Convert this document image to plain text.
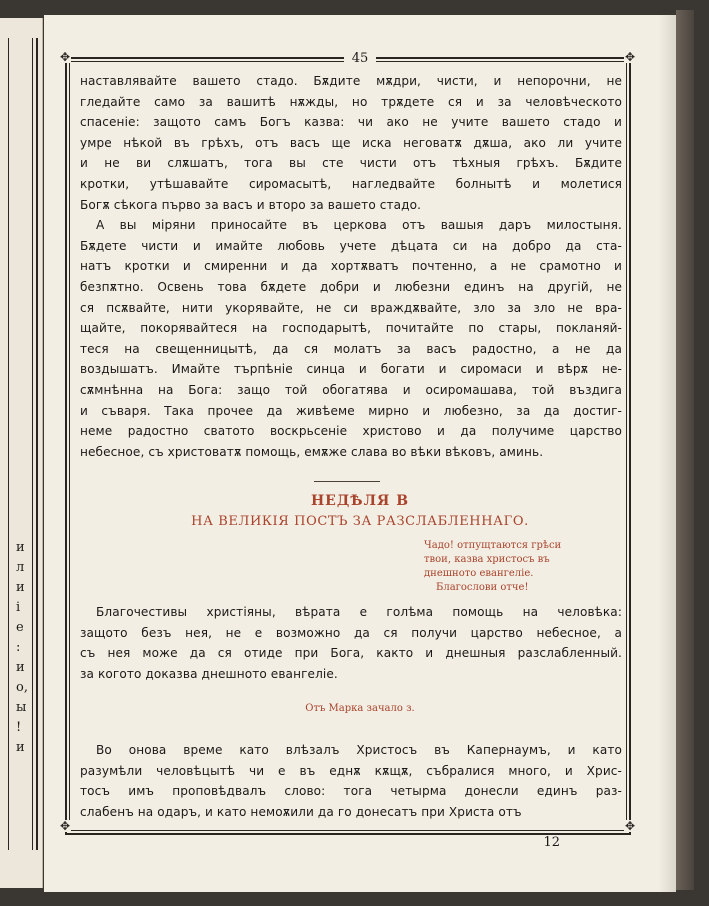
и
л
и
і
е
:
и
о,
ы
!
и
✥	✥
✥	✥
45
наставлявайте вашето стадо. Бѫдите мѫдри, чисти, и непорочни, не
гледайте само за вашитѣ нѫжды, но трѫдете ся и за человѣческото
спасеніе: защото самъ Богъ казва: чи ако не учите вашето стадо и
умре нѣкой въ грѣхъ, отъ васъ ще иска неговатѫ дѫша, ако ли учите
и не ви слѫшатъ, тога вы сте чисти отъ тѣхныя грѣхъ. Бѫдите
кротки, утѣшавайте сиромасытѣ, нагледвайте болнытѣ и молетися
Богѫ сѣкога първо за васъ и второ за вашето стадо.
А вы мiряни приносайте въ церкова отъ вашыя даръ милостыня.
Бѫдете чисти и имайте любовь учете дѣцата си на добро да ста-
натъ кротки и смиренни и да хортѫватъ почтенно, а не срамотно и
безпѫтно. Освень това бѫдете добри и любезни единъ на другій, не
ся псѫвайте, нити укорявайте, не си враждѫвайте, зло за зло не вра-
щайте, покорявайтеся на господарытѣ, почитайте по стары, покланяй-
теся на свещенницытѣ, да ся молатъ за васъ радостно, а не да
воздышатъ. Имайте търпѣніе синца и богати и сиромаси и вѣрѫ не-
сѫмнѣнна на Бога: защо той обогатява и осиромашава, той въздига
и съваря. Така прочее да живѣеме мирно и любезно, за да достиг-
неме радостно сватото воскрьсеніе христово и да получиме царство
небесное, съ христоватѫ помощь, емѫже слава во вѣки вѣковъ, аминь.
НЕДѢЛЯ В
НА ВЕЛИКІЯ ПОСТЪ ЗА РАЗСЛАБЛЕННАГО.
Чадо! отпущтаются грѣси
твои, казва христосъ въ
днешното евангеліе.
Благослови отче!
Благочестивы христiяны, вѣрата е голѣма помощь на человѣка:
защото безъ нея, не е возможно да ся получи царство небесное, а
съ нея може да ся отиде при Бога, както и днешныя разслабленный.
за когото доказва днешното евангеліе.
Отъ Марка зачало з.
Во онова време като влѣзалъ Христосъ въ Капернаумъ, и като
разумѣли человѣцытѣ чи е въ еднѫ кѫщѫ, събралися много, и Хрис-
тосъ имъ проповѣдвалъ слово: тога четырма донесли единъ раз-
слабенъ на одаръ, и като немоѫили да го донесатъ при Христа отъ
12
